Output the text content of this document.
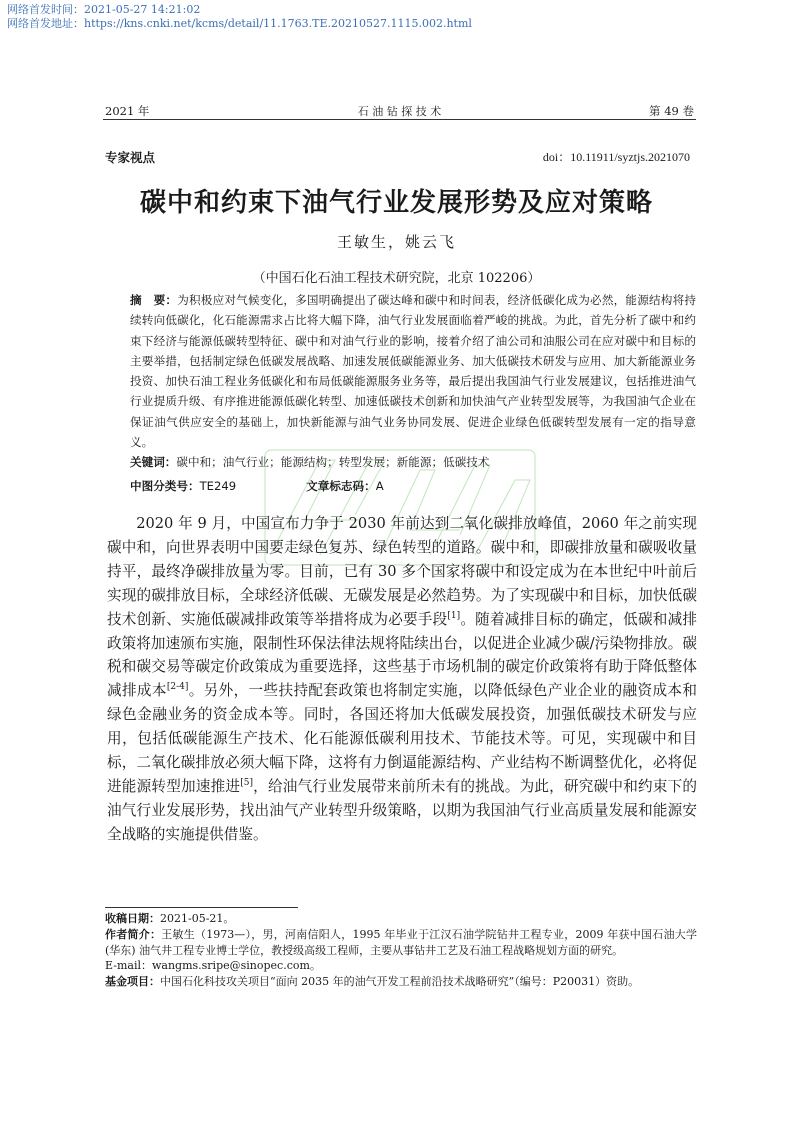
网络首发时间：2021-05-27 14:21:02
网络首发地址：https://kns.cnki.net/kcms/detail/11.1763.TE.20210527.1115.002.html
2021 年	石 油 钻 探 技 术	第 49 卷
专家视点	doi：10.11911/syztjs.2021070
碳中和约束下油气行业发展形势及应对策略
王敏生，姚云飞
（中国石化石油工程技术研究院，北京 102206）
摘　要：为积极应对气候变化，多国明确提出了碳达峰和碳中和时间表，经济低碳化成为必然，能源结构将持续转向低碳化，化石能源需求占比将大幅下降，油气行业发展面临着严峻的挑战。为此，首先分析了碳中和约束下经济与能源低碳转型特征、碳中和对油气行业的影响，接着介绍了油公司和油服公司在应对碳中和目标的主要举措，包括制定绿色低碳发展战略、加速发展低碳能源业务、加大低碳技术研发与应用、加大新能源业务投资、加快石油工程业务低碳化和布局低碳能源服务业务等，最后提出我国油气行业发展建议，包括推进油气行业提质升级、有序推进能源低碳化转型、加速低碳技术创新和加快油气产业转型发展等，为我国油气企业在保证油气供应安全的基础上，加快新能源与油气业务协同发展、促进企业绿色低碳转型发展有一定的指导意义。
关键词：碳中和；油气行业；能源结构；转型发展；新能源；低碳技术
中图分类号：TE249	文章标志码：A
2020 年 9 月，中国宣布力争于 2030 年前达到二氧化碳排放峰值，2060 年之前实现碳中和，向世界表明中国要走绿色复苏、绿色转型的道路。碳中和，即碳排放量和碳吸收量持平，最终净碳排放量为零。目前，已有 30 多个国家将碳中和设定成为在本世纪中叶前后实现的碳排放目标，全球经济低碳、无碳发展是必然趋势。为了实现碳中和目标，加快低碳技术创新、实施低碳减排政策等举措将成为必要手段[1]。随着减排目标的确定，低碳和减排政策将加速颁布实施，限制性环保法律法规将陆续出台，以促进企业减少碳/污染物排放。碳税和碳交易等碳定价政策成为重要选择，这些基于市场机制的碳定价政策将有助于降低整体减排成本[2-4]。另外，一些扶持配套政策也将制定实施，以降低绿色产业企业的融资成本和绿色金融业务的资金成本等。同时，各国还将加大低碳发展投资，加强低碳技术研发与应用，包括低碳能源生产技术、化石能源低碳利用技术、节能技术等。可见，实现碳中和目标，二氧化碳排放必须大幅下降，这将有力倒逼能源结构、产业结构不断调整优化，必将促进能源转型加速推进[5]，给油气行业发展带来前所未有的挑战。为此，研究碳中和约束下的油气行业发展形势，找出油气产业转型升级策略，以期为我国油气行业高质量发展和能源安全战略的实施提供借鉴。
收稿日期：2021-05-21。
作者简介：王敏生（1973—），男，河南信阳人，1995 年毕业于江汉石油学院钻井工程专业，2009 年获中国石油大学(华东) 油气井工程专业博士学位，教授级高级工程师，主要从事钻井工艺及石油工程战略规划方面的研究。
E-mail：wangms.sripe@sinopec.com。
基金项目：中国石化科技攻关项目“面向 2035 年的油气开发工程前沿技术战略研究”（编号：P20031）资助。
